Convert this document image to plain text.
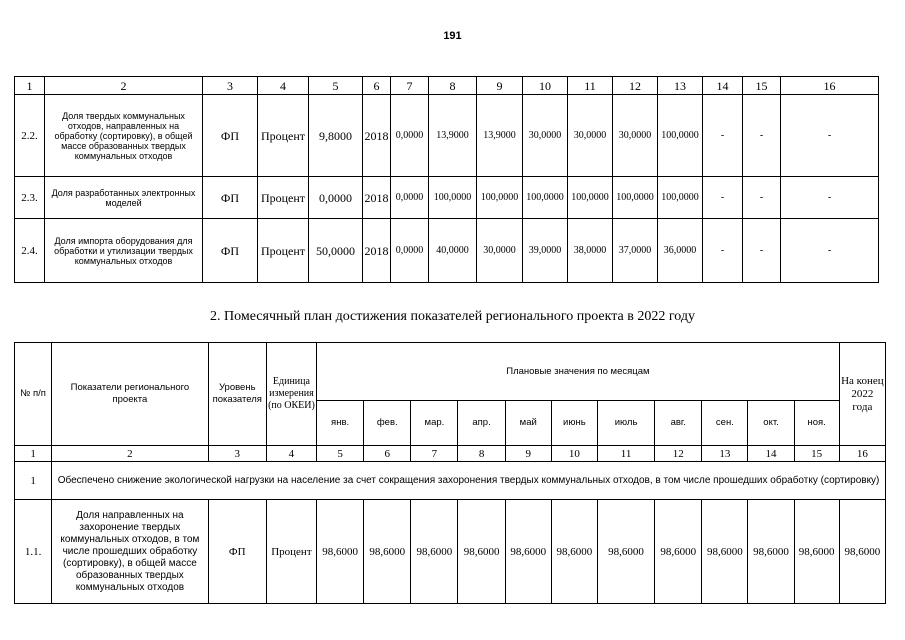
191
1	2	3	4	5	6	7	8	9	10	11	12	13	14	15	16
2.2.	Доля твердых коммунальных отходов, направленных на обработку (сортировку), в общей массе образованных твердых коммунальных отходов	ФП	Процент	9,8000	2018	0,0000	13,9000	13,9000	30,0000	30,0000	30,0000	100,0000	-	-	-
2.3.	Доля разработанных электронных моделей	ФП	Процент	0,0000	2018	0,0000	100,0000	100,0000	100,0000	100,0000	100,0000	100,0000	-	-	-
2.4.	Доля импорта оборудования для обработки и утилизации твердых коммунальных отходов	ФП	Процент	50,0000	2018	0,0000	40,0000	30,0000	39,0000	38,0000	37,0000	36,0000	-	-	-
2. Помесячный план достижения показателей регионального проекта в 2022 году
№ п/п	Показатели регионального проекта	Уровень показателя	Единица измерения (по ОКЕИ)	Плановые значения по месяцам											На конец 2022 года
				янв.	фев.	мар.	апр.	май	июнь	июль	авг.	сен.	окт.	ноя.	
1	2	3	4	5	6	7	8	9	10	11	12	13	14	15	16
1	Обеспечено снижение экологической нагрузки на население за счет сокращения захоронения твердых коммунальных отходов, в том числе прошедших обработку (сортировку)														
1.1.	Доля направленных на захоронение твердых коммунальных отходов, в том числе прошедших обработку (сортировку), в общей массе образованных твердых коммунальных отходов	ФП	Процент	98,6000	98,6000	98,6000	98,6000	98,6000	98,6000	98,6000	98,6000	98,6000	98,6000	98,6000	98,6000
